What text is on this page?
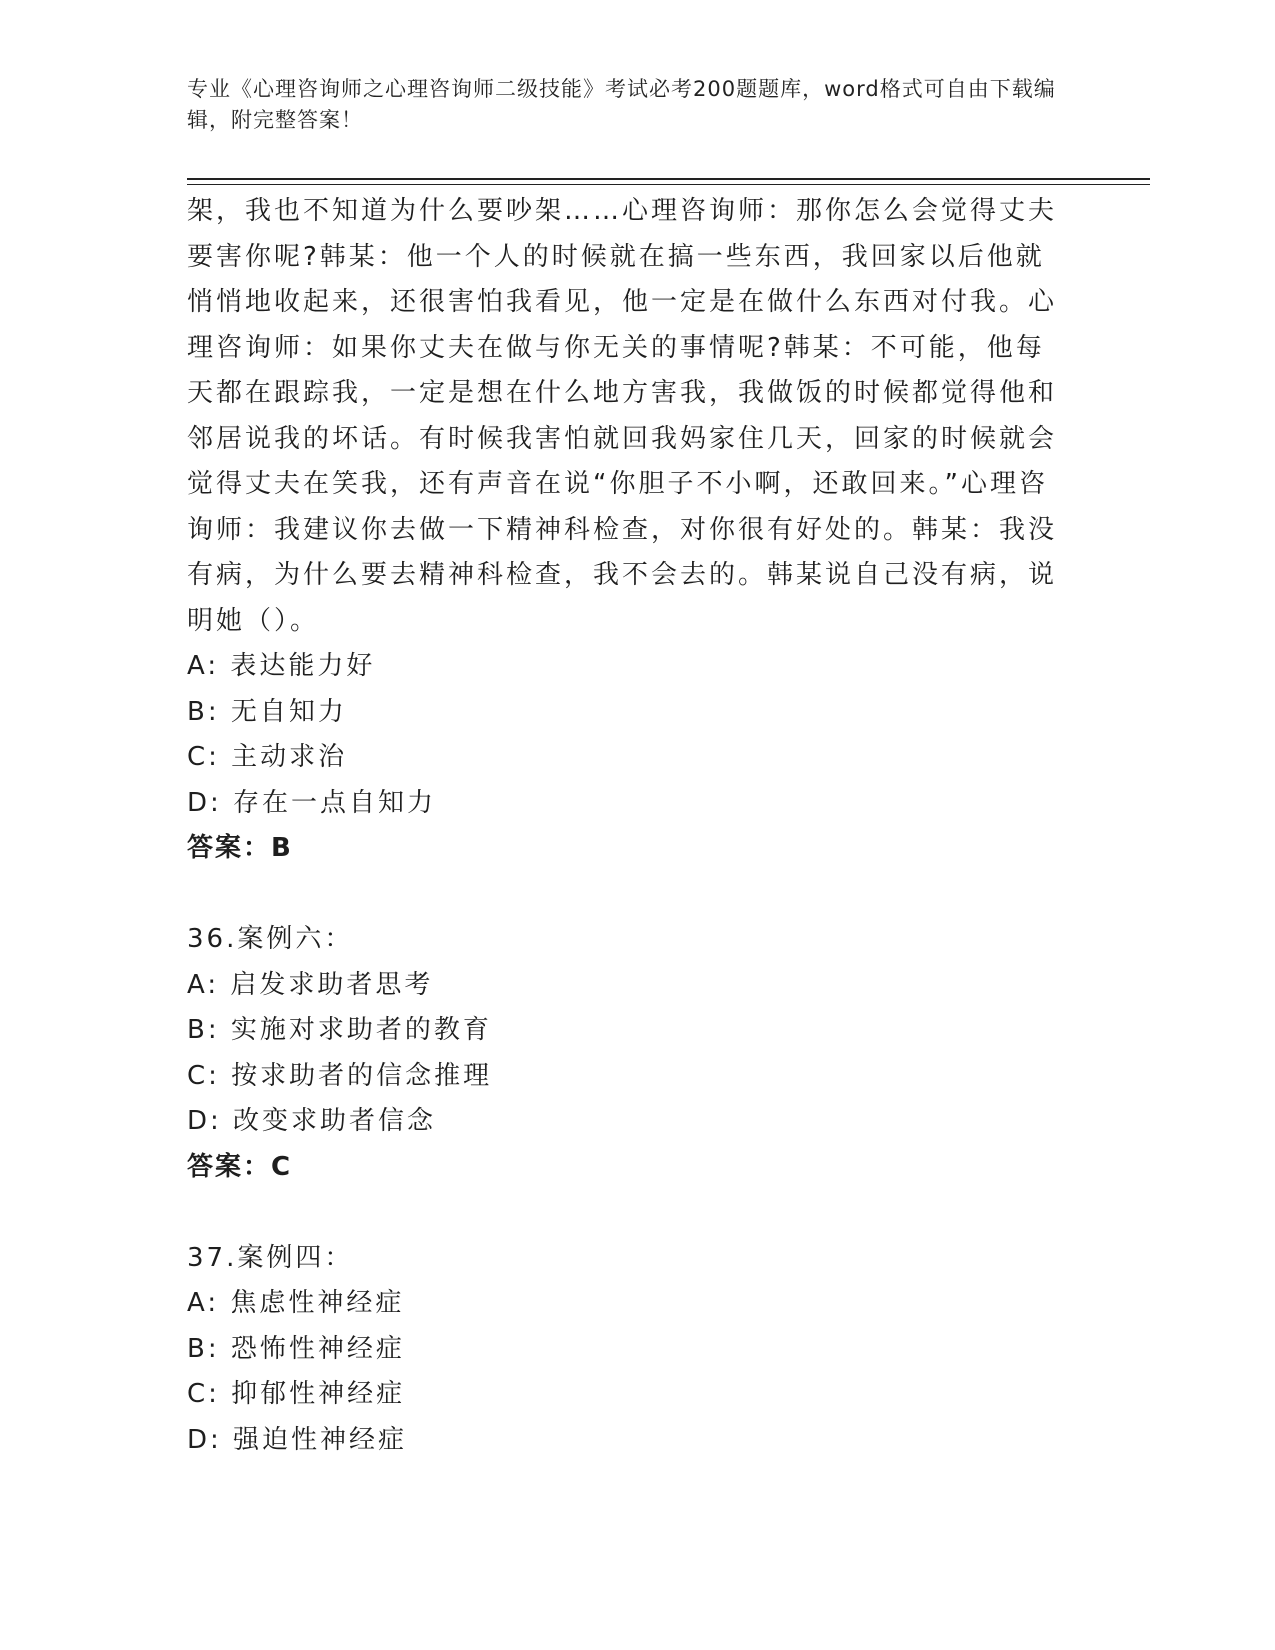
专业《心理咨询师之心理咨询师二级技能》考试必考200题题库，word格式可自由下载编辑，附完整答案！

架，我也不知道为什么要吵架……心理咨询师：那你怎么会觉得丈夫要害你呢?韩某：他一个人的时候就在搞一些东西，我回家以后他就悄悄地收起来，还很害怕我看见，他一定是在做什么东西对付我。心理咨询师：如果你丈夫在做与你无关的事情呢?韩某：不可能，他每天都在跟踪我，一定是想在什么地方害我，我做饭的时候都觉得他和邻居说我的坏话。有时候我害怕就回我妈家住几天，回家的时候就会觉得丈夫在笑我，还有声音在说“你胆子不小啊，还敢回来。”心理咨询师：我建议你去做一下精神科检查，对你很有好处的。韩某：我没有病，为什么要去精神科检查，我不会去的。韩某说自己没有病，说明她（）。

A: 表达能力好

B: 无自知力

C: 主动求治

D: 存在一点自知力

答案：B

36.案例六：

A: 启发求助者思考

B: 实施对求助者的教育

C: 按求助者的信念推理

D: 改变求助者信念

答案：C

37.案例四：

A: 焦虑性神经症

B: 恐怖性神经症

C: 抑郁性神经症

D: 强迫性神经症
